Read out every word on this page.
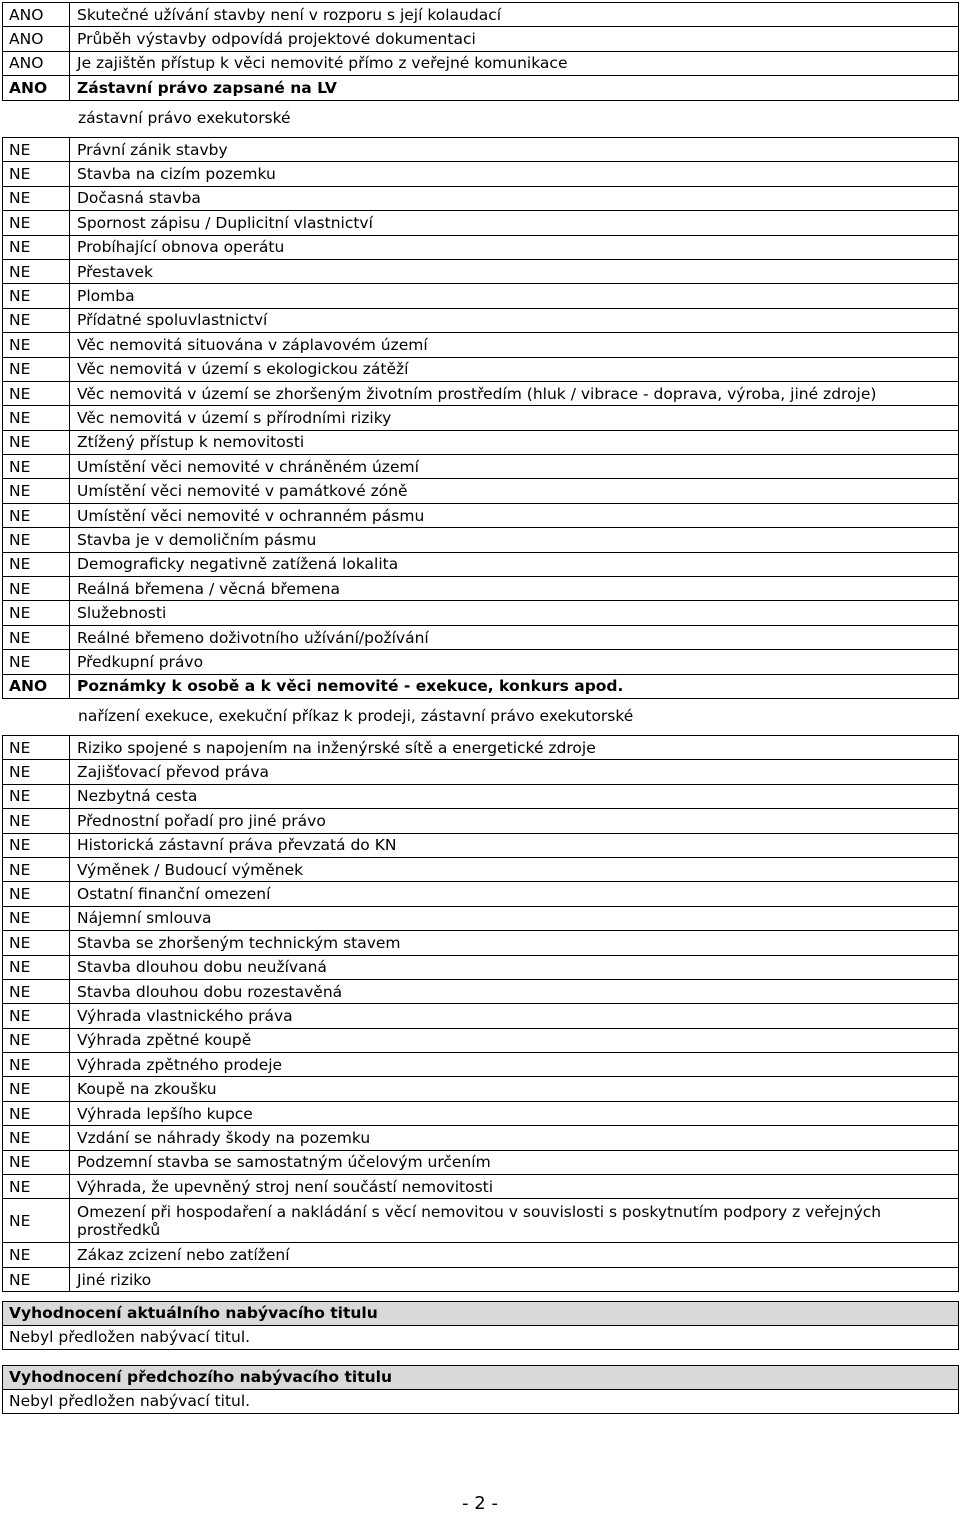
ANO	Skutečné užívání stavby není v rozporu s její kolaudací
ANO	Průběh výstavby odpovídá projektové dokumentaci
ANO	Je zajištěn přístup k věci nemovité přímo z veřejné komunikace
ANO	Zástavní právo zapsané na LV
zástavní právo exekutorské
NE	Právní zánik stavby
NE	Stavba na cizím pozemku
NE	Dočasná stavba
NE	Spornost zápisu / Duplicitní vlastnictví
NE	Probíhající obnova operátu
NE	Přestavek
NE	Plomba
NE	Přídatné spoluvlastnictví
NE	Věc nemovitá situována v záplavovém území
NE	Věc nemovitá v území s ekologickou zátěží
NE	Věc nemovitá v území se zhoršeným životním prostředím (hluk / vibrace - doprava, výroba, jiné zdroje)
NE	Věc nemovitá v území s přírodními riziky
NE	Ztížený přístup k nemovitosti
NE	Umístění věci nemovité v chráněném území
NE	Umístění věci nemovité v památkové zóně
NE	Umístění věci nemovité v ochranném pásmu
NE	Stavba je v demoličním pásmu
NE	Demograficky negativně zatížená lokalita
NE	Reálná břemena / věcná břemena
NE	Služebnosti
NE	Reálné břemeno doživotního užívání/požívání
NE	Předkupní právo
ANO	Poznámky k osobě a k věci nemovité - exekuce, konkurs apod.
nařízení exekuce, exekuční příkaz k prodeji, zástavní právo exekutorské
NE	Riziko spojené s napojením na inženýrské sítě a energetické zdroje
NE	Zajišťovací převod práva
NE	Nezbytná cesta
NE	Přednostní pořadí pro jiné právo
NE	Historická zástavní práva převzatá do KN
NE	Výměnek / Budoucí výměnek
NE	Ostatní finanční omezení
NE	Nájemní smlouva
NE	Stavba se zhoršeným technickým stavem
NE	Stavba dlouhou dobu neužívaná
NE	Stavba dlouhou dobu rozestavěná
NE	Výhrada vlastnického práva
NE	Výhrada zpětné koupě
NE	Výhrada zpětného prodeje
NE	Koupě na zkoušku
NE	Výhrada lepšího kupce
NE	Vzdání se náhrady škody na pozemku
NE	Podzemní stavba se samostatným účelovým určením
NE	Výhrada, že upevněný stroj není součástí nemovitosti
NE	Omezení při hospodaření a nakládání s věcí nemovitou v souvislosti s poskytnutím podpory z veřejných prostředků
NE	Zákaz zcizení nebo zatížení
NE	Jiné riziko
Vyhodnocení aktuálního nabývacího titulu
Nebyl předložen nabývací titul.
Vyhodnocení předchozího nabývacího titulu
Nebyl předložen nabývací titul.
- 2 -
